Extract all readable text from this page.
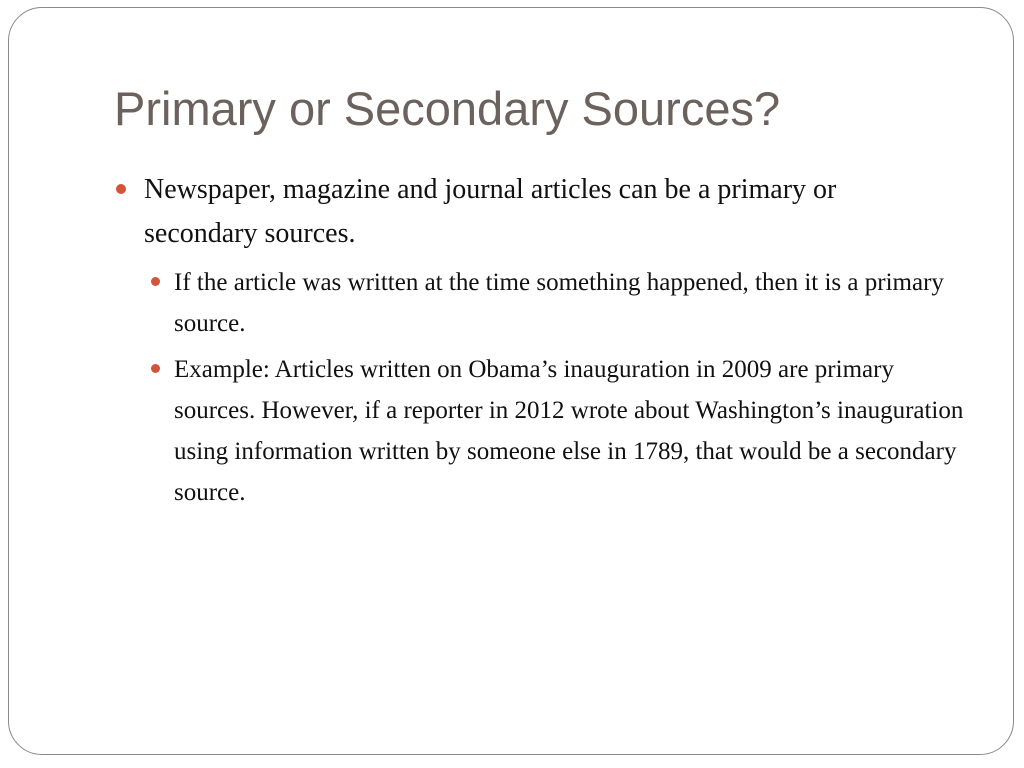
Primary or Secondary Sources?
Newspaper, magazine and journal articles can be a primary or secondary sources.
If the article was written at the time something happened, then it is a primary source.
Example: Articles written on Obama’s inauguration in 2009 are primary sources. However, if a reporter in 2012 wrote about Washington’s inauguration using information written by someone else in 1789, that would be a secondary source.
